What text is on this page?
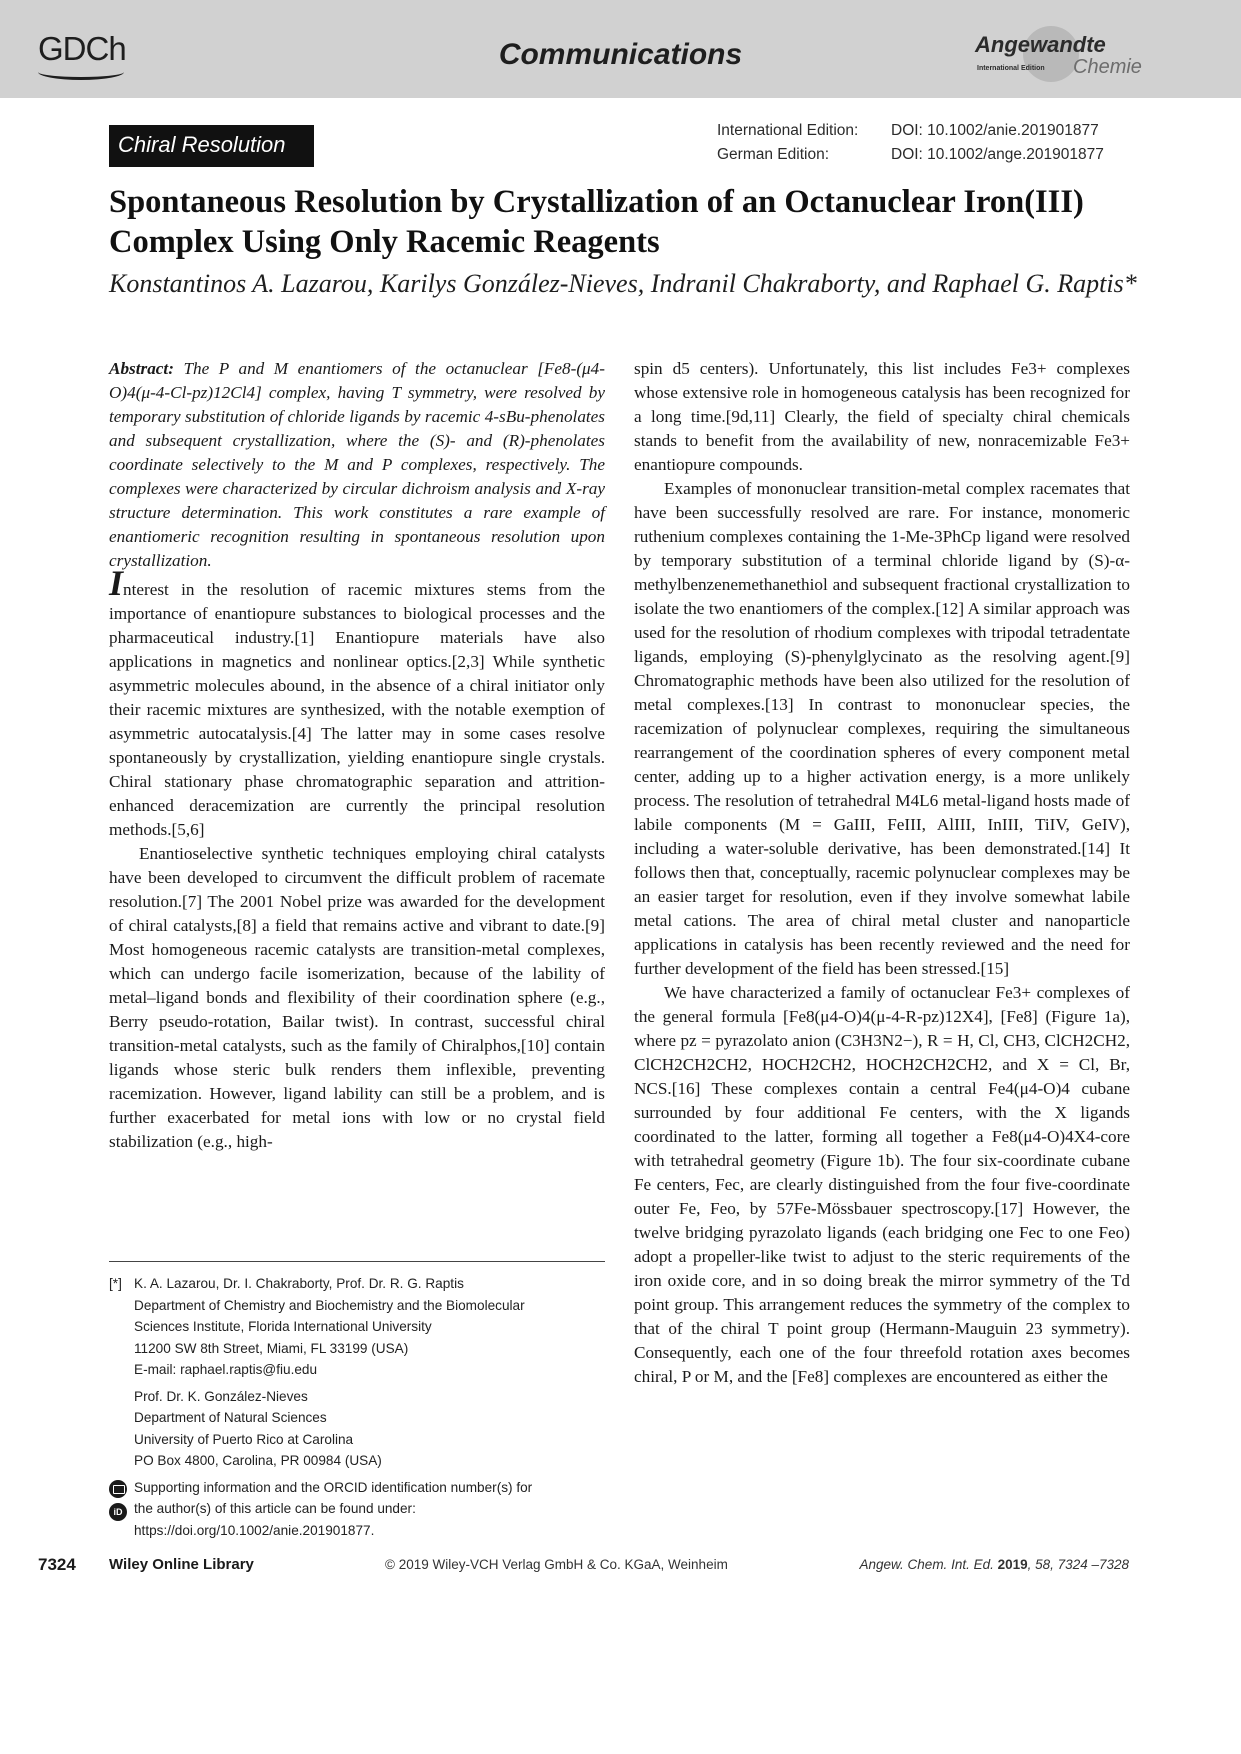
GDCh	Communications	Angewandte
International Edition Chemie
Chiral Resolution
International Edition: DOI: 10.1002/anie.201901877
German Edition:	DOI: 10.1002/ange.201901877
Spontaneous Resolution by Crystallization of an Octanuclear Iron(III) Complex Using Only Racemic Reagents
Konstantinos A. Lazarou, Karilys González-Nieves, Indranil Chakraborty, and Raphael G. Raptis*

Abstract: The P and M enantiomers of the octanuclear [Fe8-(μ4-O)4(μ-4-Cl-pz)12Cl4] complex, having T symmetry, were resolved by temporary substitution of chloride ligands by racemic 4-sBu-phenolates and subsequent crystallization, where the (S)- and (R)-phenolates coordinate selectively to the M and P complexes, respectively. The complexes were characterized by circular dichroism analysis and X-ray structure determination. This work constitutes a rare example of enantiomeric recognition resulting in spontaneous resolution upon crystallization.

Interest in the resolution of racemic mixtures stems from the importance of enantiopure substances to biological processes and the pharmaceutical industry.[1] Enantiopure materials have also applications in magnetics and nonlinear optics.[2,3] While synthetic asymmetric molecules abound, in the absence of a chiral initiator only their racemic mixtures are synthesized, with the notable exemption of asymmetric autocatalysis.[4] The latter may in some cases resolve spontaneously by crystallization, yielding enantiopure single crystals. Chiral stationary phase chromatographic separation and attrition-enhanced deracemization are currently the principal resolution methods.[5,6]

Enantioselective synthetic techniques employing chiral catalysts have been developed to circumvent the difficult problem of racemate resolution.[7] The 2001 Nobel prize was awarded for the development of chiral catalysts,[8] a field that remains active and vibrant to date.[9] Most homogeneous racemic catalysts are transition-metal complexes, which can undergo facile isomerization, because of the lability of metal–ligand bonds and flexibility of their coordination sphere (e.g., Berry pseudo-rotation, Bailar twist). In contrast, successful chiral transition-metal catalysts, such as the family of Chiralphos,[10] contain ligands whose steric bulk renders them inflexible, preventing racemization. However, ligand lability can still be a problem, and is further exacerbated for metal ions with low or no crystal field stabilization (e.g., high-

spin d5 centers). Unfortunately, this list includes Fe3+ complexes whose extensive role in homogeneous catalysis has been recognized for a long time.[9d,11] Clearly, the field of specialty chiral chemicals stands to benefit from the availability of new, nonracemizable Fe3+ enantiopure compounds.

Examples of mononuclear transition-metal complex racemates that have been successfully resolved are rare. For instance, monomeric ruthenium complexes containing the 1-Me-3PhCp ligand were resolved by temporary substitution of a terminal chloride ligand by (S)-α-methylbenzenemethanethiol and subsequent fractional crystallization to isolate the two enantiomers of the complex.[12] A similar approach was used for the resolution of rhodium complexes with tripodal tetradentate ligands, employing (S)-phenylglycinato as the resolving agent.[9] Chromatographic methods have been also utilized for the resolution of metal complexes.[13] In contrast to mononuclear species, the racemization of polynuclear complexes, requiring the simultaneous rearrangement of the coordination spheres of every component metal center, adding up to a higher activation energy, is a more unlikely process. The resolution of tetrahedral M4L6 metal-ligand hosts made of labile components (M = GaIII, FeIII, AlIII, InIII, TiIV, GeIV), including a water-soluble derivative, has been demonstrated.[14] It follows then that, conceptually, racemic polynuclear complexes may be an easier target for resolution, even if they involve somewhat labile metal cations. The area of chiral metal cluster and nanoparticle applications in catalysis has been recently reviewed and the need for further development of the field has been stressed.[15]

We have characterized a family of octanuclear Fe3+ complexes of the general formula [Fe8(μ4-O)4(μ-4-R-pz)12X4], [Fe8] (Figure 1a), where pz = pyrazolato anion (C3H3N2−), R = H, Cl, CH3, ClCH2CH2, ClCH2CH2CH2, HOCH2CH2, HOCH2CH2CH2, and X = Cl, Br, NCS.[16] These complexes contain a central Fe4(μ4-O)4 cubane surrounded by four additional Fe centers, with the X ligands coordinated to the latter, forming all together a Fe8(μ4-O)4X4-core with tetrahedral geometry (Figure 1b). The four six-coordinate cubane Fe centers, Fec, are clearly distinguished from the four five-coordinate outer Fe, Feo, by 57Fe-Mössbauer spectroscopy.[17] However, the twelve bridging pyrazolato ligands (each bridging one Fec to one Feo) adopt a propeller-like twist to adjust to the steric requirements of the iron oxide core, and in so doing break the mirror symmetry of the Td point group. This arrangement reduces the symmetry of the complex to that of the chiral T point group (Hermann-Mauguin 23 symmetry). Consequently, each one of the four threefold rotation axes becomes chiral, P or M, and the [Fe8] complexes are encountered as either the

[*] K. A. Lazarou, Dr. I. Chakraborty, Prof. Dr. R. G. Raptis
Department of Chemistry and Biochemistry and the Biomolecular
Sciences Institute, Florida International University
11200 SW 8th Street, Miami, FL 33199 (USA)
E-mail: raphael.raptis@fiu.edu
Prof. Dr. K. González-Nieves
Department of Natural Sciences
University of Puerto Rico at Carolina
PO Box 4800, Carolina, PR 00984 (USA)
iD
Supporting information and the ORCID identification number(s) for
the author(s) of this article can be found under:
https://doi.org/10.1002/anie.201901877.
7324 Wiley Online Library	© 2019 Wiley-VCH Verlag GmbH & Co. KGaA, Weinheim	Angew. Chem. Int. Ed. 2019, 58, 7324 –7328
